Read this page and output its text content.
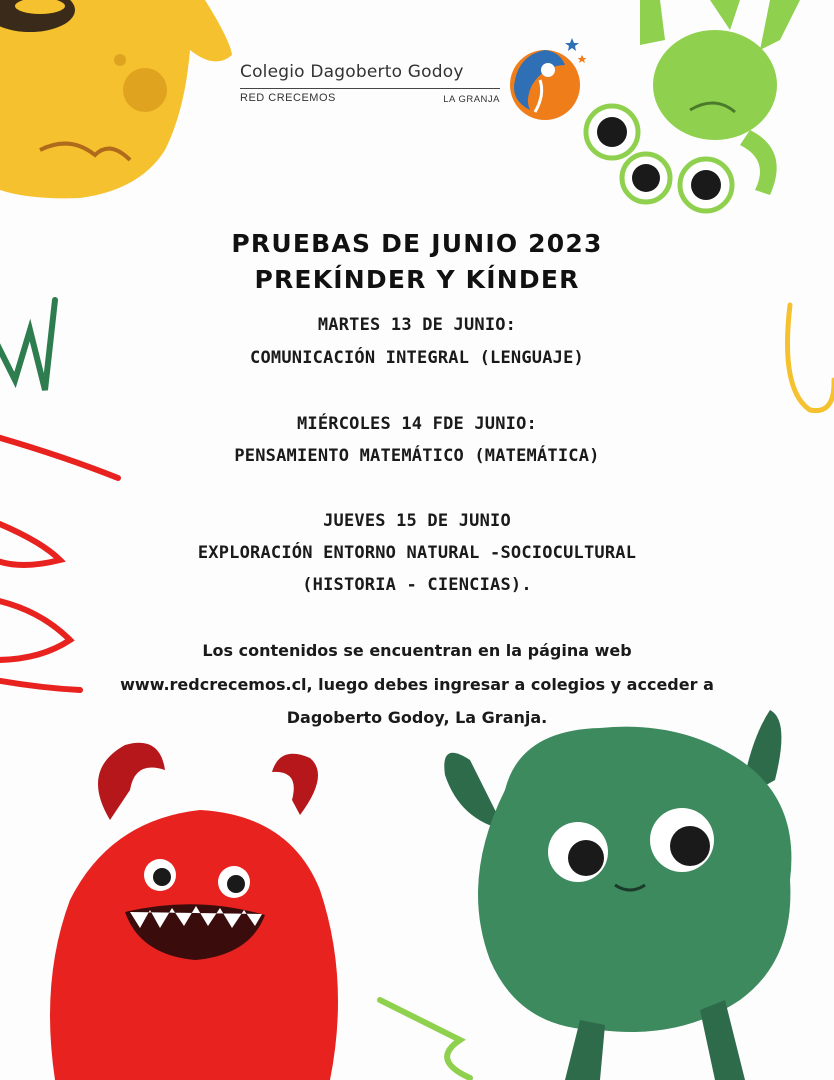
Colegio Dagoberto Godoy
RED CRECEMOS	LA GRANJA
PRUEBAS DE JUNIO 2023
PREKÍNDER Y KÍNDER
MARTES 13 DE JUNIO:
COMUNICACIÓN INTEGRAL (LENGUAJE)
MIÉRCOLES 14 FDE JUNIO:
PENSAMIENTO MATEMÁTICO (MATEMÁTICA)
JUEVES 15 DE JUNIO
EXPLORACIÓN ENTORNO NATURAL -SOCIOCULTURAL
(HISTORIA - CIENCIAS).
Los contenidos se encuentran en la página web
www.redcrecemos.cl, luego debes ingresar a colegios y acceder a
Dagoberto Godoy, La Granja.
